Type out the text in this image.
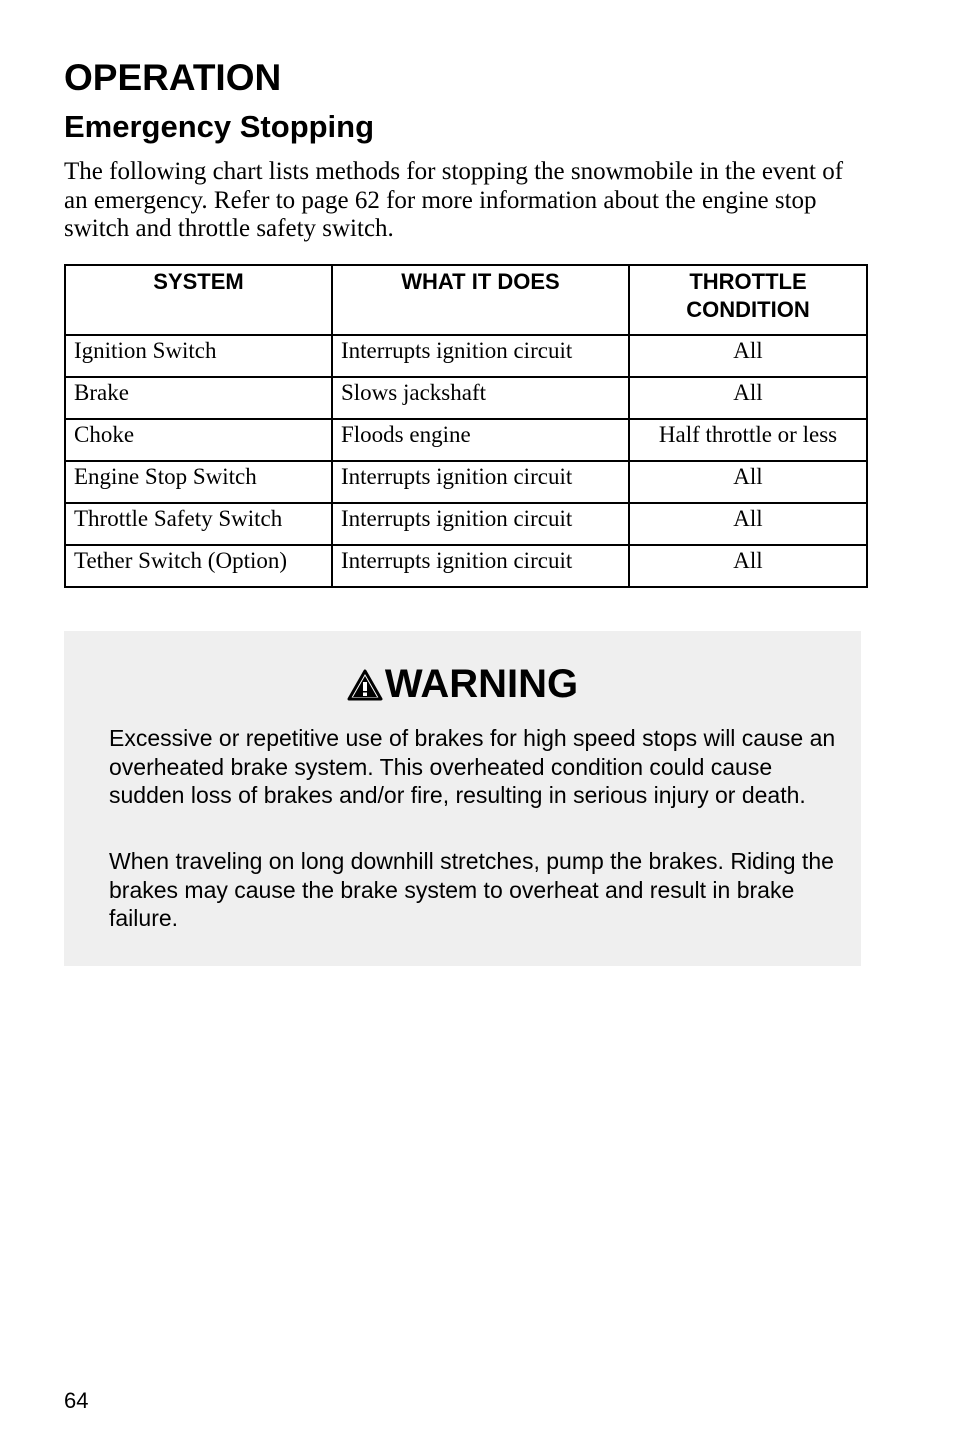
OPERATION
Emergency Stopping

The following chart lists methods for stopping the snowmobile in the event of an emergency. Refer to page 62 for more information about the engine stop switch and throttle safety switch.

SYSTEM	WHAT IT DOES	THROTTLE CONDITION
Ignition Switch	Interrupts ignition circuit	All
Brake	Slows jackshaft	All
Choke	Floods engine	Half throttle or less
Engine Stop Switch	Interrupts ignition circuit	All
Throttle Safety Switch	Interrupts ignition circuit	All
Tether Switch (Option)	Interrupts ignition circuit	All
WARNING

Excessive or repetitive use of brakes for high speed stops will cause an overheated brake system. This overheated condition could cause sudden loss of brakes and/or fire, resulting in serious injury or death.

When traveling on long downhill stretches, pump the brakes. Riding the brakes may cause the brake system to overheat and result in brake failure.

64
